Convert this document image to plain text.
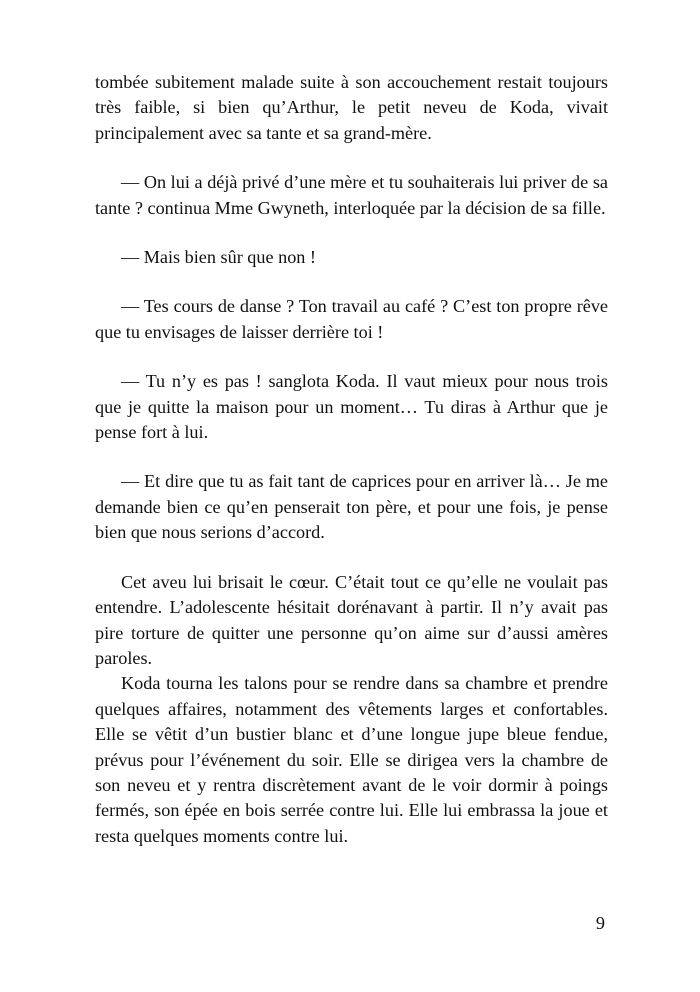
tombée subitement malade suite à son accouchement restait toujours très faible, si bien qu’Arthur, le petit neveu de Koda, vivait principalement avec sa tante et sa grand-mère.

— On lui a déjà privé d’une mère et tu souhaiterais lui priver de sa tante ? continua Mme Gwyneth, interloquée par la décision de sa fille.

— Mais bien sûr que non !

— Tes cours de danse ? Ton travail au café ? C’est ton propre rêve que tu envisages de laisser derrière toi !

— Tu n’y es pas ! sanglota Koda. Il vaut mieux pour nous trois que je quitte la maison pour un moment… Tu diras à Arthur que je pense fort à lui.

— Et dire que tu as fait tant de caprices pour en arriver là… Je me demande bien ce qu’en penserait ton père, et pour une fois, je pense bien que nous serions d’accord.

Cet aveu lui brisait le cœur. C’était tout ce qu’elle ne voulait pas entendre. L’adolescente hésitait dorénavant à partir. Il n’y avait pas pire torture de quitter une personne qu’on aime sur d’aussi amères paroles.

Koda tourna les talons pour se rendre dans sa chambre et prendre quelques affaires, notamment des vêtements larges et confortables. Elle se vêtit d’un bustier blanc et d’une longue jupe bleue fendue, prévus pour l’événement du soir. Elle se dirigea vers la chambre de son neveu et y rentra discrètement avant de le voir dormir à poings fermés, son épée en bois serrée contre lui. Elle lui embrassa la joue et resta quelques moments contre lui.

9
